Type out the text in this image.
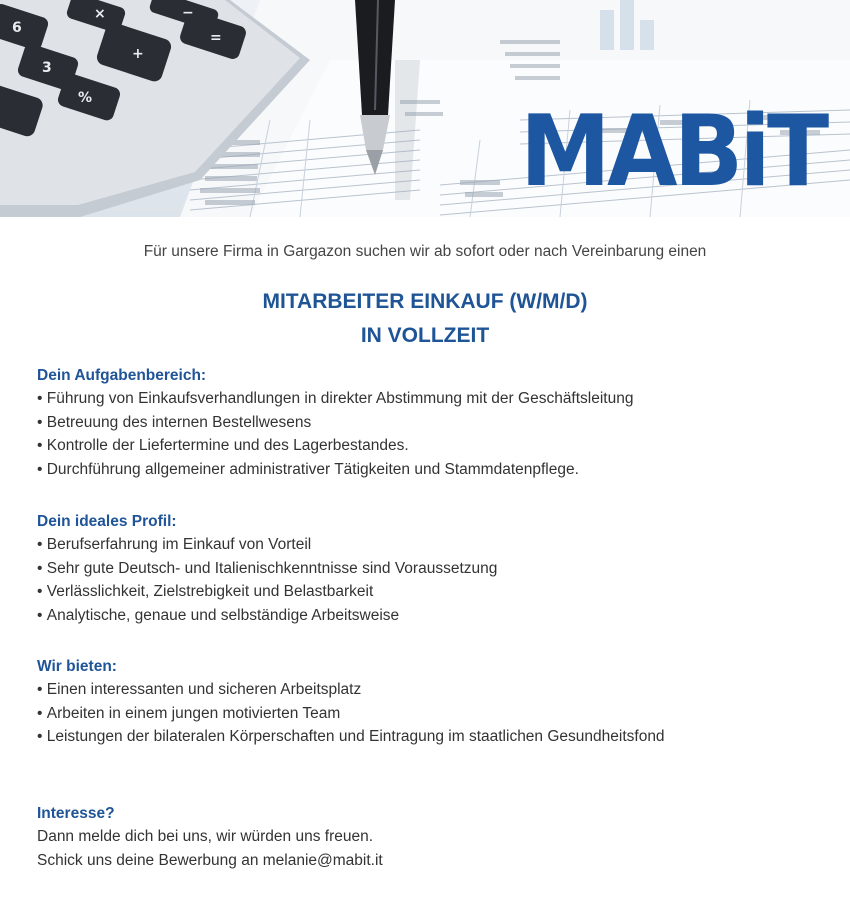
×	−
=
+
3
%
6
MABiT
Für unsere Firma in Gargazon suchen wir ab sofort oder nach Vereinbarung einen
MITARBEITER EINKAUF (W/M/D)
IN VOLLZEIT
Dein Aufgabenbereich:
• Führung von Einkaufsverhandlungen in direkter Abstimmung mit der Geschäftsleitung
• Betreuung des internen Bestellwesens
• Kontrolle der Liefertermine und des Lagerbestandes.
• Durchführung allgemeiner administrativer Tätigkeiten und Stammdatenpflege.
Dein ideales Profil:
• Berufserfahrung im Einkauf von Vorteil
• Sehr gute Deutsch- und Italienischkenntnisse sind Voraussetzung
• Verlässlichkeit, Zielstrebigkeit und Belastbarkeit
• Analytische, genaue und selbständige Arbeitsweise
Wir bieten:
• Einen interessanten und sicheren Arbeitsplatz
• Arbeiten in einem jungen motivierten Team
• Leistungen der bilateralen Körperschaften und Eintragung im staatlichen Gesundheitsfond
Interesse?
Dann melde dich bei uns, wir würden uns freuen.
Schick uns deine Bewerbung an melanie@mabit.it
